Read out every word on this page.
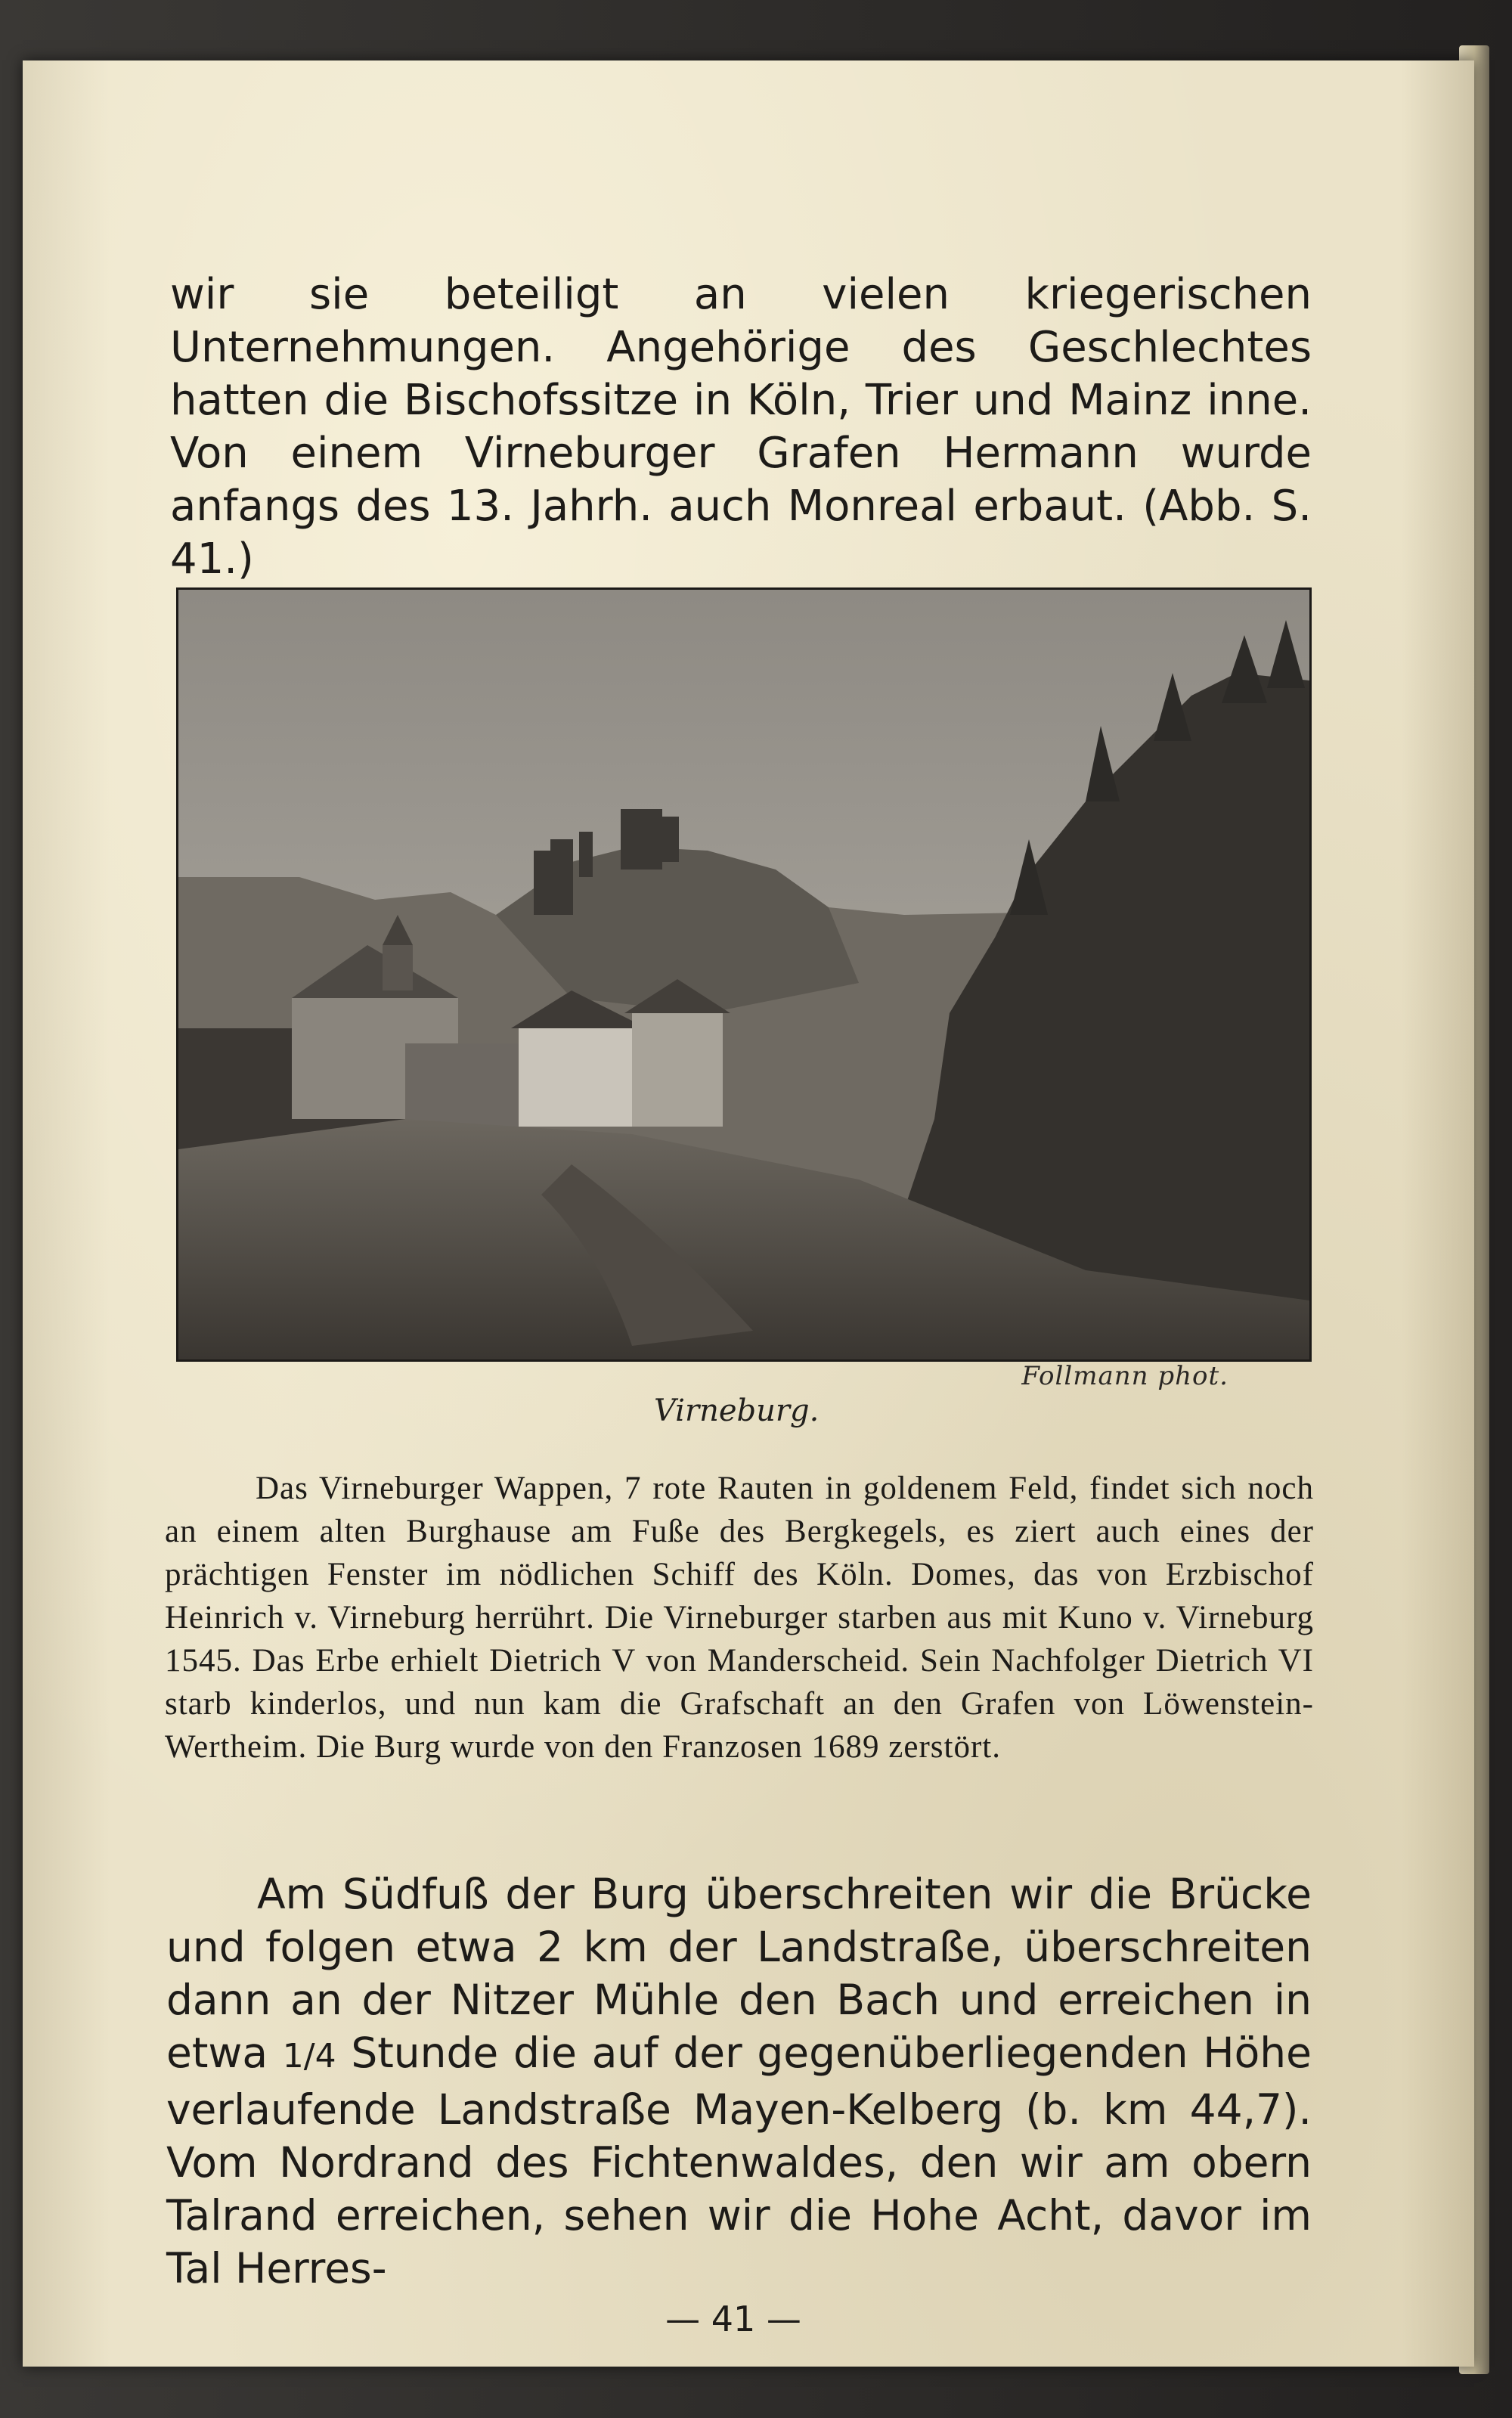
wir sie beteiligt an vielen kriegerischen Unternehmungen. Angehörige des Geschlechtes hatten die Bischofssitze in Köln, Trier und Mainz inne. Von einem Virneburger Grafen Hermann wurde anfangs des 13. Jahrh. auch Monreal erbaut. (Abb. S. 41.)
Follmann phot.
Virneburg.

Das Virneburger Wappen, 7 rote Rauten in goldenem Feld, findet sich noch an einem alten Burghause am Fuße des Bergkegels, es ziert auch eines der prächtigen Fenster im nödlichen Schiff des Köln. Domes, das von Erzbischof Heinrich v. Virneburg herrührt. Die Virneburger starben aus mit Kuno v. Virneburg 1545. Das Erbe erhielt Dietrich V von Manderscheid. Sein Nachfolger Dietrich VI starb kinderlos, und nun kam die Grafschaft an den Grafen von Löwenstein-Wertheim. Die Burg wurde von den Franzosen 1689 zerstört.

Am Südfuß der Burg überschreiten wir die Brücke und folgen etwa 2 km der Landstraße, überschreiten dann an der Nitzer Mühle den Bach und erreichen in etwa 1/4 Stunde die auf der gegenüberliegenden Höhe verlaufende Landstraße Mayen-Kelberg (b. km 44,7). Vom Nordrand des Fichtenwaldes, den wir am obern Talrand erreichen, sehen wir die Hohe Acht, davor im Tal Herres-

— 41 —
